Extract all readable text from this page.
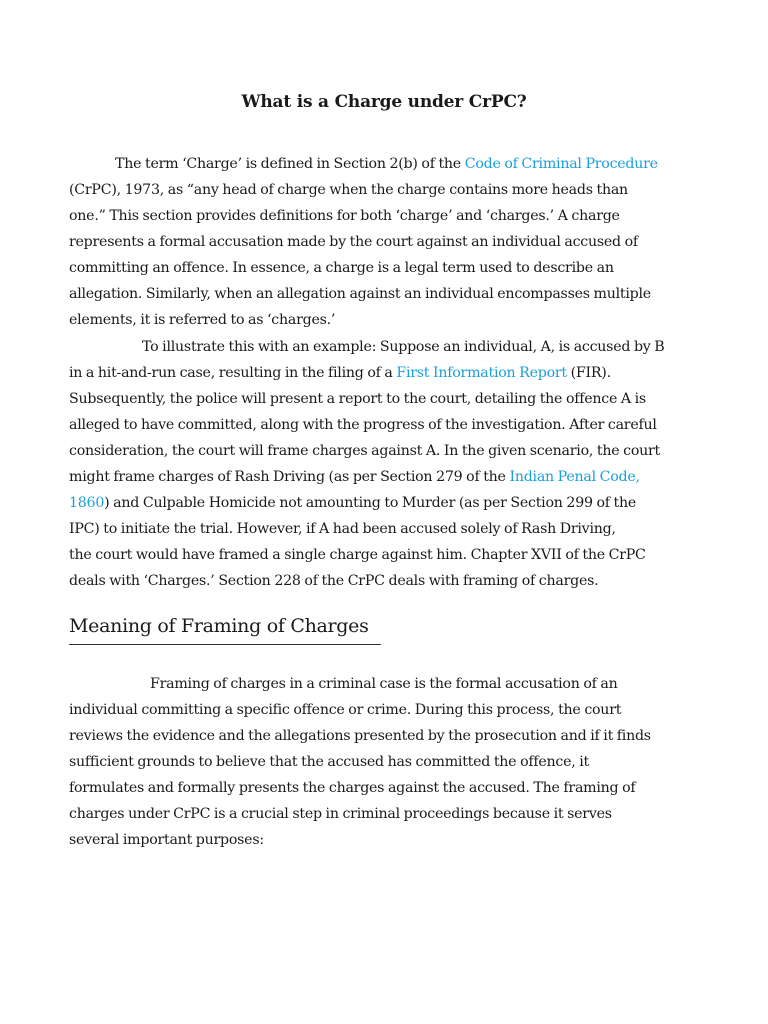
What is a Charge under CrPC?
The term ‘Charge’ is defined in Section 2(b) of the Code of Criminal Procedure
(CrPC), 1973, as “any head of charge when the charge contains more heads than
one.” This section provides definitions for both ‘charge’ and ‘charges.’ A charge
represents a formal accusation made by the court against an individual accused of
committing an offence. In essence, a charge is a legal term used to describe an
allegation. Similarly, when an allegation against an individual encompasses multiple
elements, it is referred to as ‘charges.’
To illustrate this with an example: Suppose an individual, A, is accused by B
in a hit-and-run case, resulting in the filing of a First Information Report (FIR).
Subsequently, the police will present a report to the court, detailing the offence A is
alleged to have committed, along with the progress of the investigation. After careful
consideration, the court will frame charges against A. In the given scenario, the court
might frame charges of Rash Driving (as per Section 279 of the Indian Penal Code,
1860) and Culpable Homicide not amounting to Murder (as per Section 299 of the
IPC) to initiate the trial. However, if A had been accused solely of Rash Driving,
the court would have framed a single charge against him. Chapter XVII of the CrPC
deals with ‘Charges.’ Section 228 of the CrPC deals with framing of charges.
Meaning of Framing of Charges
Framing of charges in a criminal case is the formal accusation of an
individual committing a specific offence or crime. During this process, the court
reviews the evidence and the allegations presented by the prosecution and if it finds
sufficient grounds to believe that the accused has committed the offence, it
formulates and formally presents the charges against the accused. The framing of
charges under CrPC is a crucial step in criminal proceedings because it serves
several important purposes:
